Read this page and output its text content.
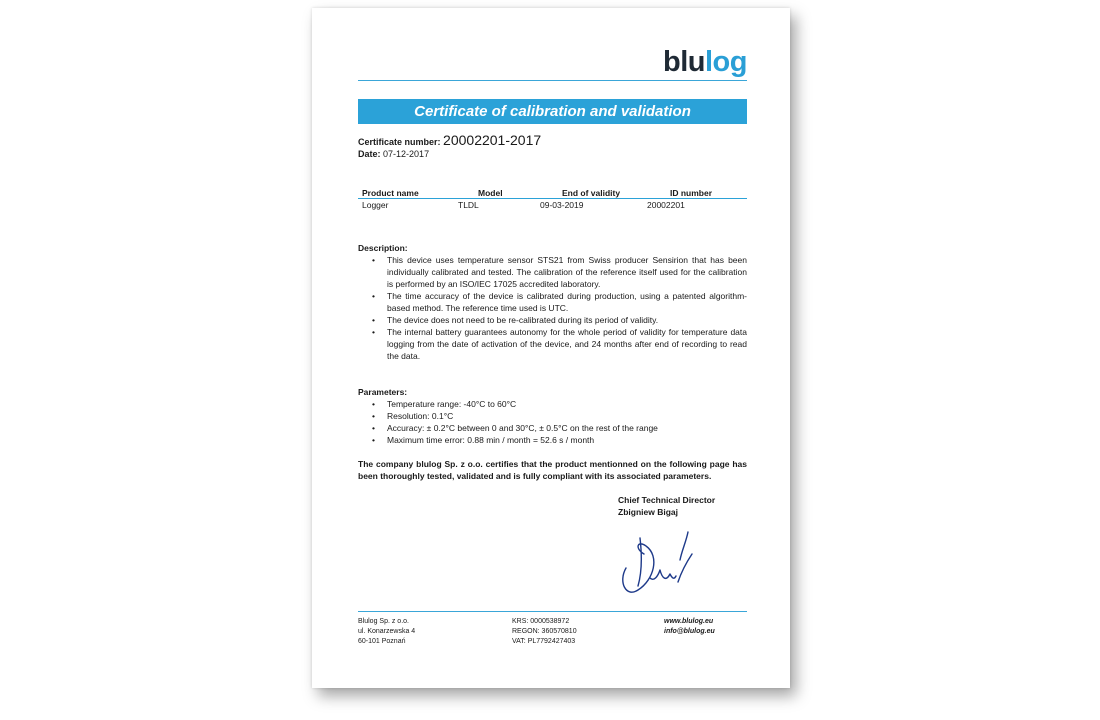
blulog
Certificate of calibration and validation
Certificate number: 20002201-2017
Date: 07-12-2017
Product name	Model	End of validity	ID number
Logger	TLDL	09-03-2019	20002201
Description:
• This device uses temperature sensor STS21 from Swiss producer Sensirion that has been individually calibrated and tested. The calibration of the reference itself used for the calibration is performed by an ISO/IEC 17025 accredited laboratory.
• The time accuracy of the device is calibrated during production, using a patented algorithm-based method. The reference time used is UTC.
• The device does not need to be re-calibrated during its period of validity.
• The internal battery guarantees autonomy for the whole period of validity for temperature data logging from the date of activation of the device, and 24 months after end of recording to read the data.
Parameters:
• Temperature range: -40°C to 60°C
• Resolution: 0.1°C
• Accuracy: ± 0.2°C between 0 and 30°C, ± 0.5°C on the rest of the range
• Maximum time error: 0.88 min / month = 52.6 s / month
The company blulog Sp. z o.o. certifies that the product mentionned on the following page has been thoroughly tested, validated and is fully compliant with its associated parameters.
Chief Technical Director
Zbigniew Bigaj
Blulog Sp. z o.o.
ul. Konarzewska 4
60-101 Poznań
KRS: 0000538972
REGON: 360570810
VAT: PL7792427403
www.blulog.eu
info@blulog.eu
